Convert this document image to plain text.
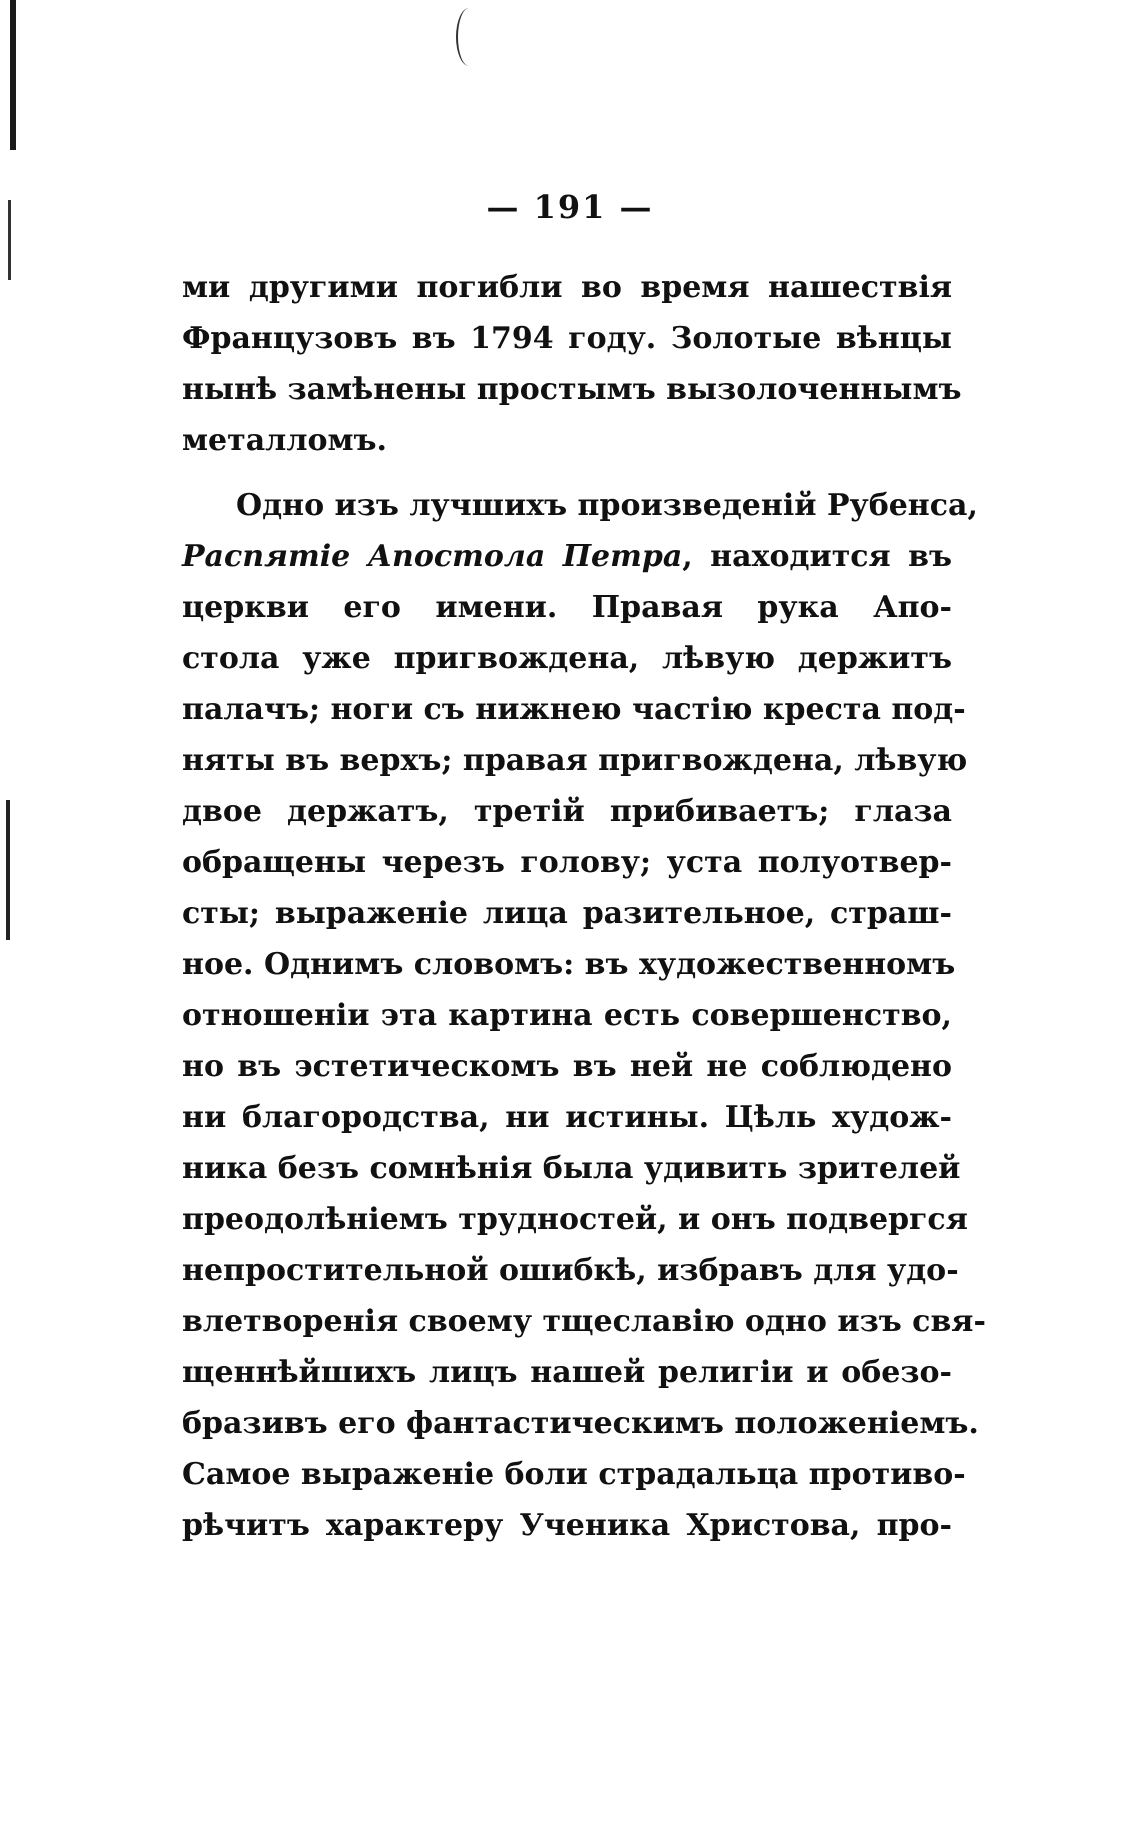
— 191 —
ми другими погибли во время нашествія
Французовъ въ 1794 году. Золотые вѣнцы
нынѣ замѣнены простымъ вызолоченнымъ
металломъ.
Одно изъ лучшихъ произведеній Рубенса,
Распятіе Апостола Петра, находится въ
церкви его имени. Правая рука Апо-
стола уже пригвождена, лѣвую держитъ
палачъ; ноги съ нижнею частію креста под-
няты въ верхъ; правая пригвождена, лѣвую
двое держатъ, третій прибиваетъ; глаза
обращены черезъ голову; уста полуотвер-
сты; выраженіе лица разительное, страш-
ное. Однимъ словомъ: въ художественномъ
отношеніи эта картина есть совершенство,
но въ эстетическомъ въ ней не соблюдено
ни благородства, ни истины. Цѣль худож-
ника безъ сомнѣнія была удивить зрителей
преодолѣніемъ трудностей, и онъ подвергся
непростительной ошибкѣ, избравъ для удо-
влетворенія своему тщеславію одно изъ свя-
щеннѣйшихъ лицъ нашей религіи и обезо-
бразивъ его фантастическимъ положеніемъ.
Самое выраженіе боли страдальца противо-
рѣчитъ характеру Ученика Христова, про-
